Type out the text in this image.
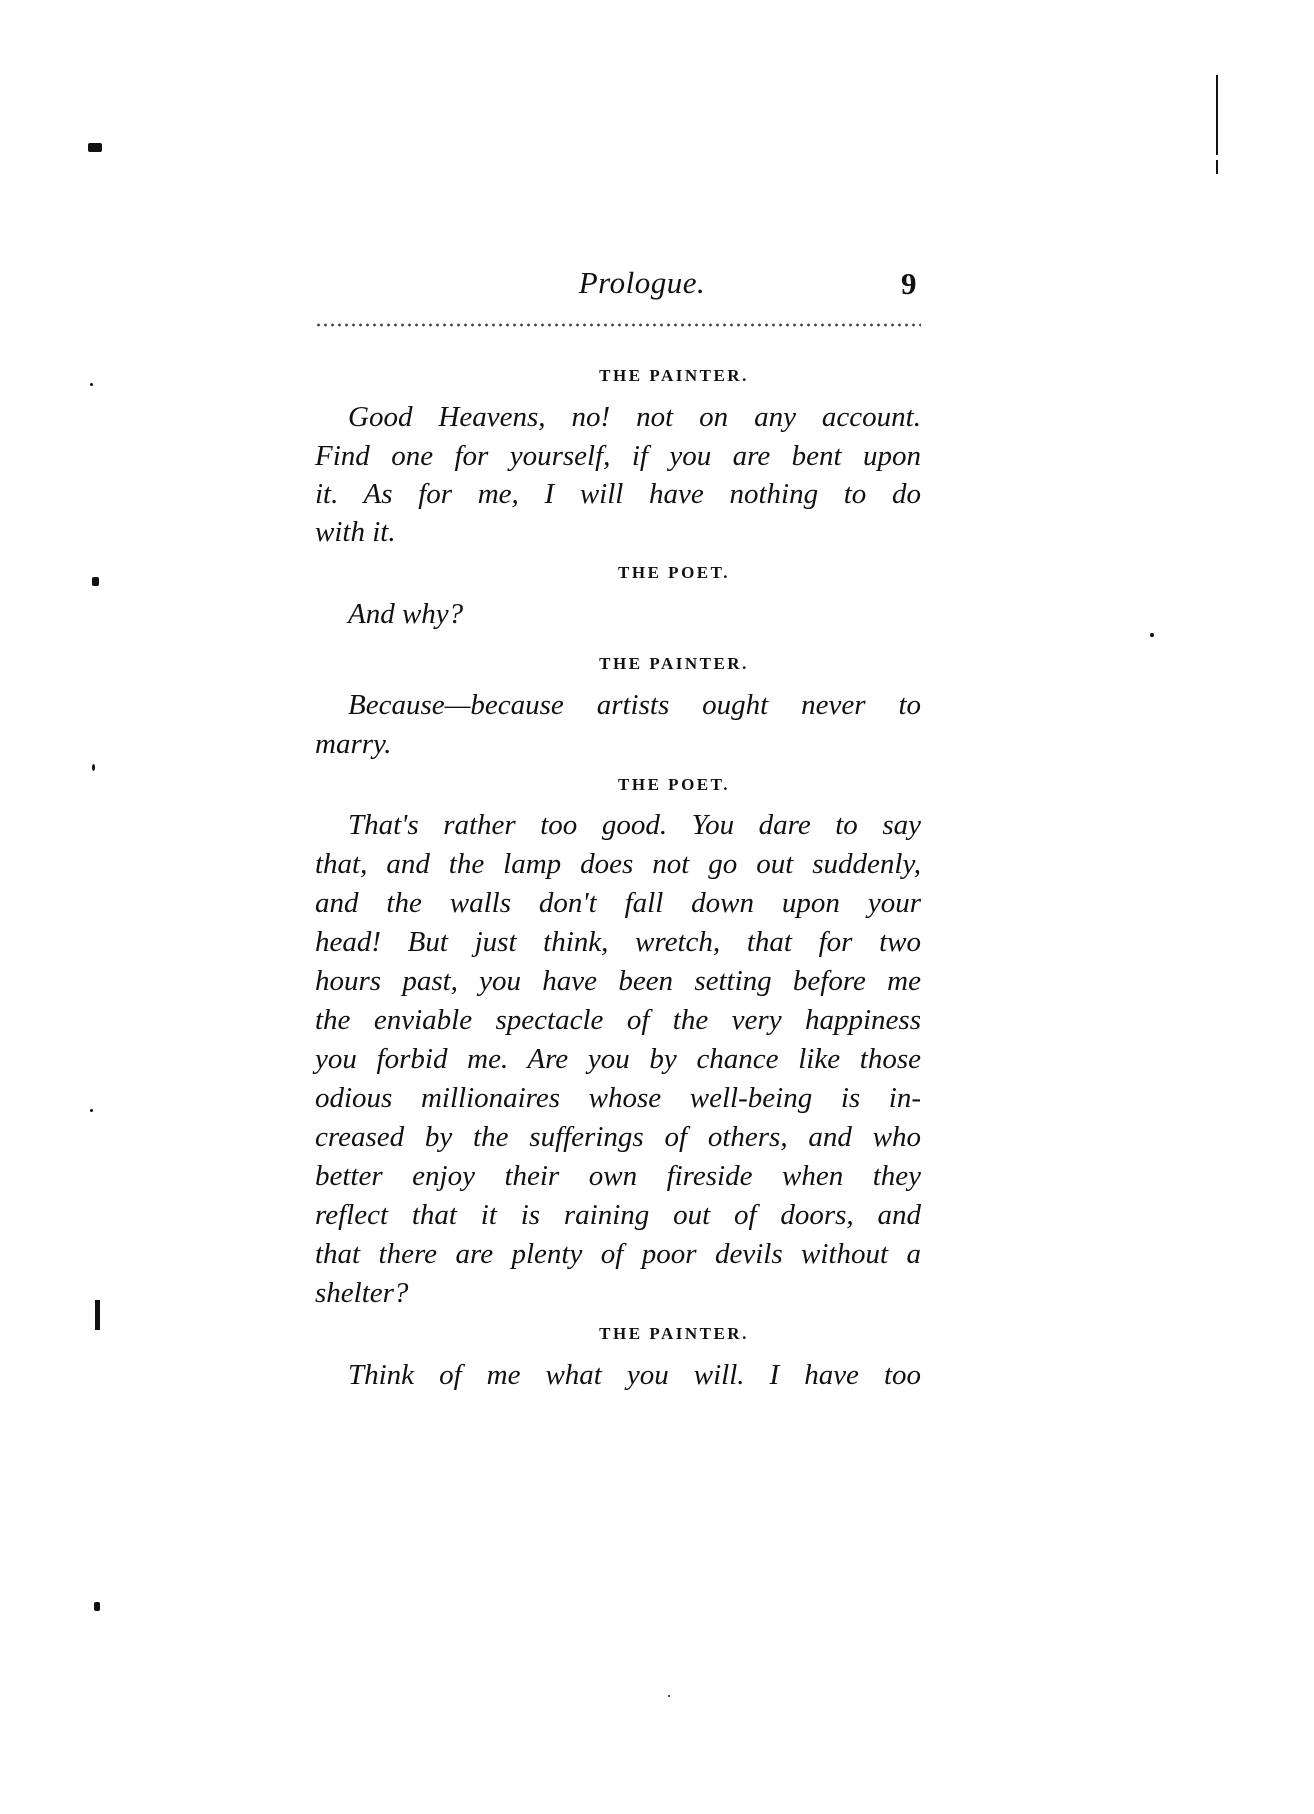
Prologue.	9
THE PAINTER.
Good Heavens, no! not on any account.
Find one for yourself, if you are bent upon
it. As for me, I will have nothing to do
with it.
THE POET.
And why?
THE PAINTER.
Because—because artists ought never to
marry.
THE POET.
That's rather too good. You dare to say
that, and the lamp does not go out suddenly,
and the walls don't fall down upon your
head! But just think, wretch, that for two
hours past, you have been setting before me
the enviable spectacle of the very happiness
you forbid me. Are you by chance like those
odious millionaires whose well-being is in-
creased by the sufferings of others, and who
better enjoy their own fireside when they
reflect that it is raining out of doors, and
that there are plenty of poor devils without a
shelter?
THE PAINTER.
Think of me what you will. I have too
